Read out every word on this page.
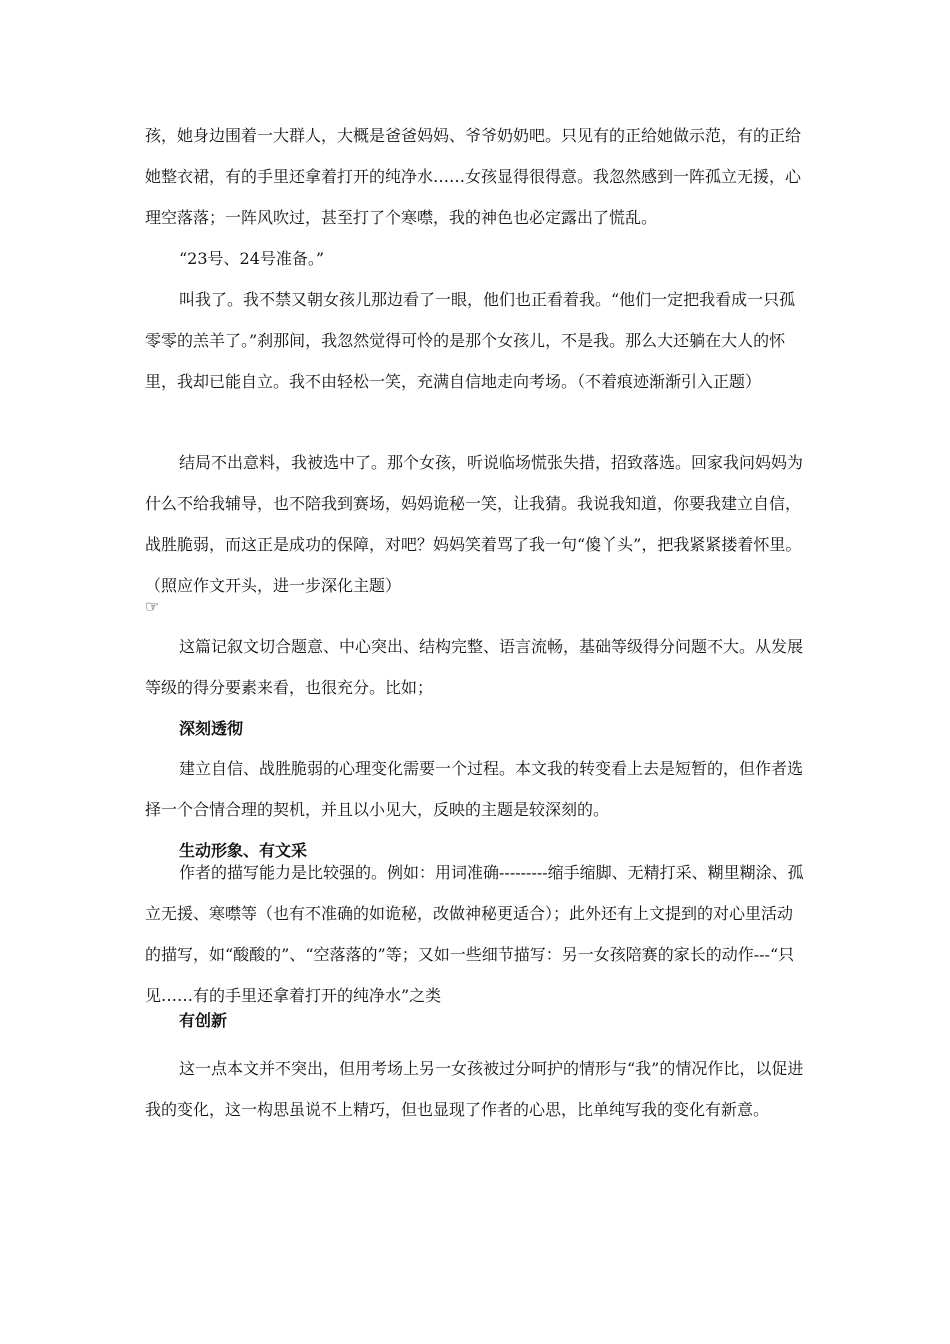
孩，她身边围着一大群人，大概是爸爸妈妈、爷爷奶奶吧。只见有的正给她做示范，有的正给她整衣裙，有的手里还拿着打开的纯净水……女孩显得很得意。我忽然感到一阵孤立无援，心理空落落；一阵风吹过，甚至打了个寒噤，我的神色也必定露出了慌乱。

“23号、24号准备。”

叫我了。我不禁又朝女孩儿那边看了一眼，他们也正看着我。“他们一定把我看成一只孤零零的羔羊了。”刹那间，我忽然觉得可怜的是那个女孩儿，不是我。那么大还躺在大人的怀里，我却已能自立。我不由轻松一笑，充满自信地走向考场。（不着痕迹渐渐引入正题）

结局不出意料，我被选中了。那个女孩，听说临场慌张失措，招致落选。回家我问妈妈为什么不给我辅导，也不陪我到赛场，妈妈诡秘一笑，让我猜。我说我知道，你要我建立自信，战胜脆弱，而这正是成功的保障，对吧？妈妈笑着骂了我一句“傻丫头”，把我紧紧搂着怀里。（照应作文开头，进一步深化主题）

☞

这篇记叙文切合题意、中心突出、结构完整、语言流畅，基础等级得分问题不大。从发展等级的得分要素来看，也很充分。比如；

深刻透彻

建立自信、战胜脆弱的心理变化需要一个过程。本文我的转变看上去是短暂的，但作者选择一个合情合理的契机，并且以小见大，反映的主题是较深刻的。

生动形象、有文采

作者的描写能力是比较强的。例如：用词准确---------缩手缩脚、无精打采、糊里糊涂、孤立无援、寒噤等（也有不准确的如诡秘，改做神秘更适合）；此外还有上文提到的对心里活动的描写，如“酸酸的”、“空落落的”等；又如一些细节描写：另一女孩陪赛的家长的动作---“只见……有的手里还拿着打开的纯净水”之类

有创新

这一点本文并不突出，但用考场上另一女孩被过分呵护的情形与“我”的情况作比，以促进我的变化，这一构思虽说不上精巧，但也显现了作者的心思，比单纯写我的变化有新意。
